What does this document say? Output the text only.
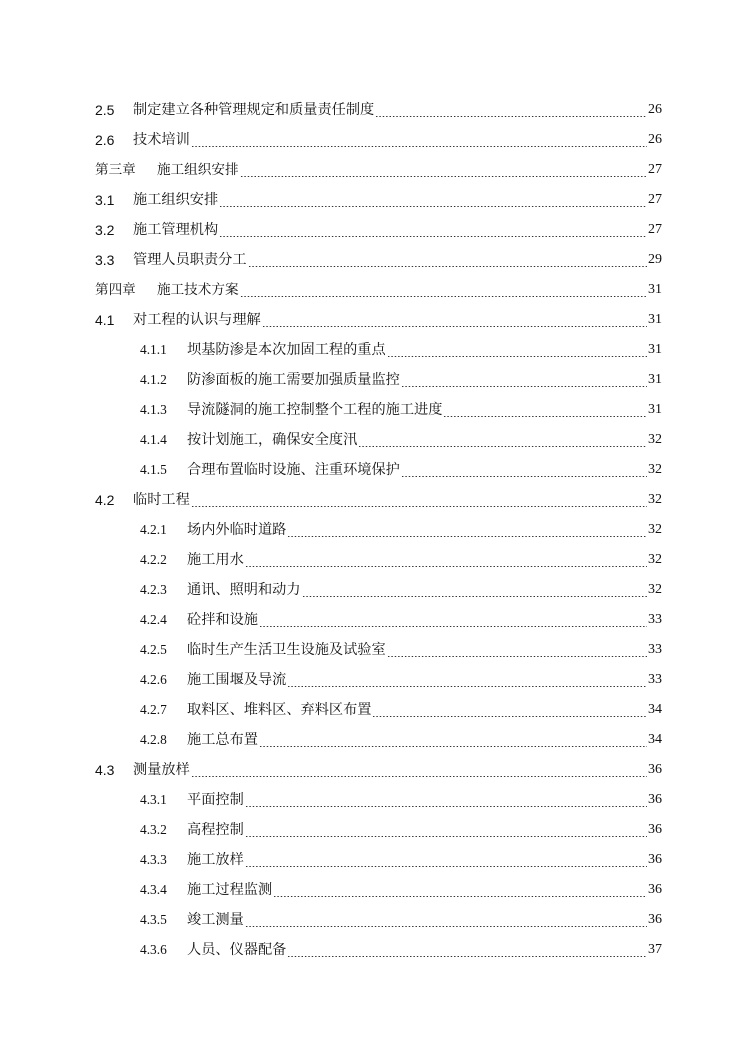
2.5	制定建立各种管理规定和质量责任制度	26
2.6	技术培训	26
第三章	施工组织安排	27
3.1	施工组织安排	27
3.2	施工管理机构	27
3.3	管理人员职责分工	29
第四章	施工技术方案	31
4.1	对工程的认识与理解	31
4.1.1	坝基防渗是本次加固工程的重点	31
4.1.2	防渗面板的施工需要加强质量监控	31
4.1.3	导流隧洞的施工控制整个工程的施工进度	31
4.1.4	按计划施工，确保安全度汛	32
4.1.5	合理布置临时设施、注重环境保护	32
4.2	临时工程	32
4.2.1	场内外临时道路	32
4.2.2	施工用水	32
4.2.3	通讯、照明和动力	32
4.2.4	砼拌和设施	33
4.2.5	临时生产生活卫生设施及试验室	33
4.2.6	施工围堰及导流	33
4.2.7	取料区、堆料区、弃料区布置	34
4.2.8	施工总布置	34
4.3	测量放样	36
4.3.1	平面控制	36
4.3.2	高程控制	36
4.3.3	施工放样	36
4.3.4	施工过程监测	36
4.3.5	竣工测量	36
4.3.6	人员、仪器配备	37
